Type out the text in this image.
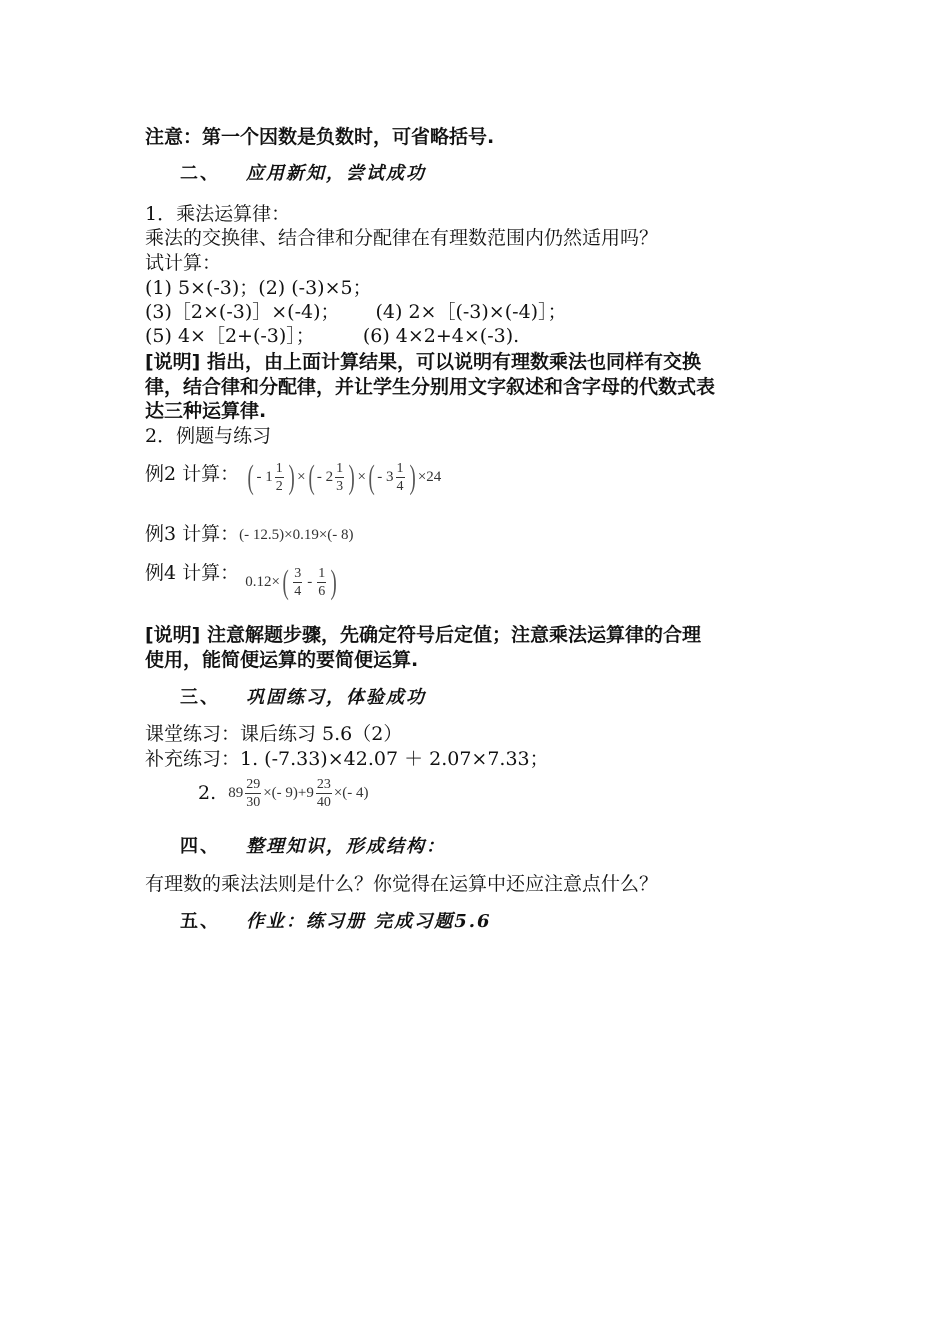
注意：第一个因数是负数时，可省略括号.
二、 应用新知，尝试成功
1．乘法运算律：
乘法的交换律、结合律和分配律在有理数范围内仍然适用吗？
试计算：
(1) 5×(-3)；(2) (-3)×5；
(3)［2×(-3)］×(-4)； (4) 2×［(-3)×(-4)］；
(5) 4×［2+(-3)］；	(6) 4×2+4×(-3).
[说明] 指出，由上面计算结果，可以说明有理数乘法也同样有交换
律，结合律和分配律，并让学生分别用文字叙述和含字母的代数式表
达三种运算律.
2．例题与练习
例2 计算： ( - $1 \frac{1}{2}$ ) × ( - $2 \frac{1}{3}$ ) × ( - $3 \frac{1}{4}$ ) ×24
例3 计算：(- 12.5)×0.19×(- 8)
例4 计算： 0.12× ( $\frac{3}{4} - \frac{1}{6}$ )
[说明] 注意解题步骤，先确定符号后定值；注意乘法运算律的合理
使用，能简便运算的要简便运算.
三、 巩固练习，体验成功
课堂练习：课后练习 5.6（2）
补充练习：1. (-7.33)×42.07 ＋ 2.07×7.33；
2. $89 \frac{29}{30}$ ×(- $9)+9 \frac{23}{40}$ ×(- 4)
四、 整理知识，形成结构：
有理数的乘法法则是什么？你觉得在运算中还应注意点什么？
五、 作业：练习册 完成习题5.6
